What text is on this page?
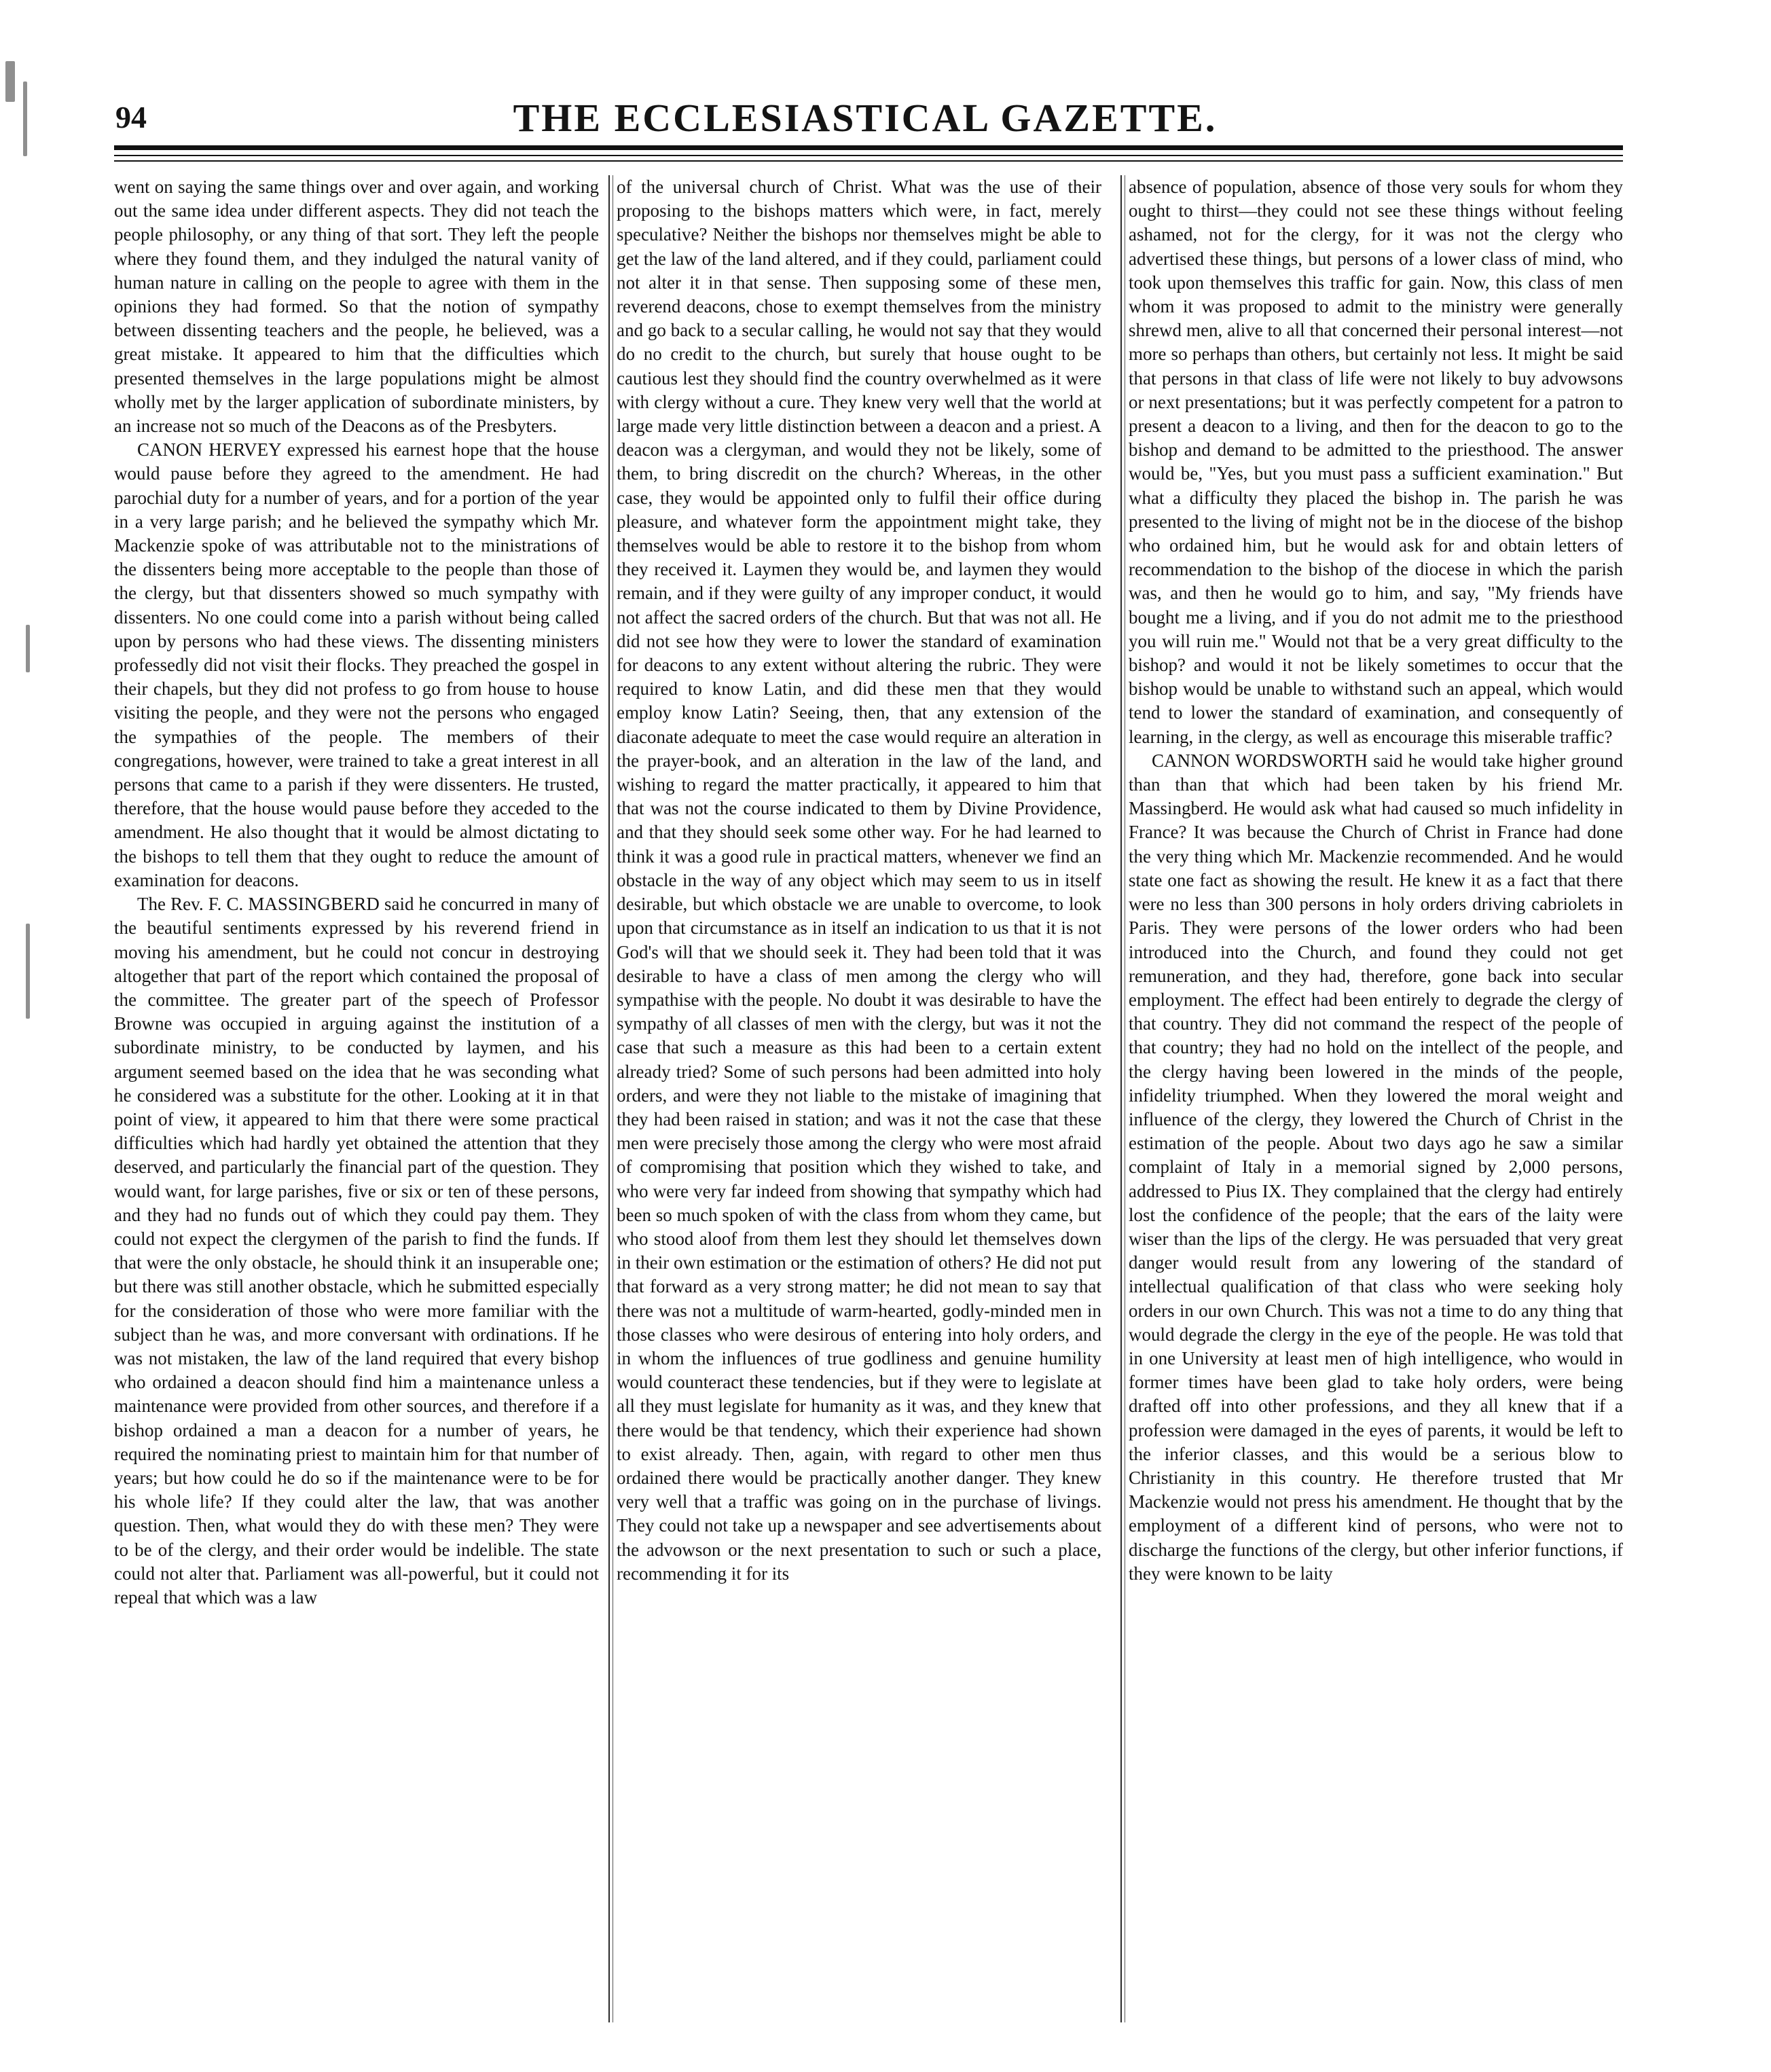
94	THE ECCLESIASTICAL GAZETTE.

went on saying the same things over and over again, and working out the same idea under different aspects. They did not teach the people philosophy, or any thing of that sort. They left the people where they found them, and they indulged the natural vanity of human nature in calling on the people to agree with them in the opinions they had formed. So that the notion of sympathy between dissenting teachers and the people, he believed, was a great mistake. It appeared to him that the difficulties which presented themselves in the large populations might be almost wholly met by the larger application of subordinate ministers, by an increase not so much of the Deacons as of the Presbyters.

CANON HERVEY expressed his earnest hope that the house would pause before they agreed to the amendment. He had parochial duty for a number of years, and for a portion of the year in a very large parish; and he believed the sympathy which Mr. Mackenzie spoke of was attributable not to the ministrations of the dissenters being more acceptable to the people than those of the clergy, but that dissenters showed so much sympathy with dissenters. No one could come into a parish without being called upon by persons who had these views. The dissenting ministers professedly did not visit their flocks. They preached the gospel in their chapels, but they did not profess to go from house to house visiting the people, and they were not the persons who engaged the sympathies of the people. The members of their congregations, however, were trained to take a great interest in all persons that came to a parish if they were dissenters. He trusted, therefore, that the house would pause before they acceded to the amendment. He also thought that it would be almost dictating to the bishops to tell them that they ought to reduce the amount of examination for deacons.

The Rev. F. C. MASSINGBERD said he concurred in many of the beautiful sentiments expressed by his reverend friend in moving his amendment, but he could not concur in destroying altogether that part of the report which contained the proposal of the committee. The greater part of the speech of Professor Browne was occupied in arguing against the institution of a subordinate ministry, to be conducted by laymen, and his argument seemed based on the idea that he was seconding what he considered was a substitute for the other. Looking at it in that point of view, it appeared to him that there were some practical difficulties which had hardly yet obtained the attention that they deserved, and particularly the financial part of the question. They would want, for large parishes, five or six or ten of these persons, and they had no funds out of which they could pay them. They could not expect the clergymen of the parish to find the funds. If that were the only obstacle, he should think it an insuperable one; but there was still another obstacle, which he submitted especially for the consideration of those who were more familiar with the subject than he was, and more conversant with ordinations. If he was not mistaken, the law of the land required that every bishop who ordained a deacon should find him a maintenance unless a maintenance were provided from other sources, and therefore if a bishop ordained a man a deacon for a number of years, he required the nominating priest to maintain him for that number of years; but how could he do so if the maintenance were to be for his whole life? If they could alter the law, that was another question. Then, what would they do with these men? They were to be of the clergy, and their order would be indelible. The state could not alter that. Parliament was all-powerful, but it could not repeal that which was a law

of the universal church of Christ. What was the use of their proposing to the bishops matters which were, in fact, merely speculative? Neither the bishops nor themselves might be able to get the law of the land altered, and if they could, parliament could not alter it in that sense. Then supposing some of these men, reverend deacons, chose to exempt themselves from the ministry and go back to a secular calling, he would not say that they would do no credit to the church, but surely that house ought to be cautious lest they should find the country overwhelmed as it were with clergy without a cure. They knew very well that the world at large made very little distinction between a deacon and a priest. A deacon was a clergyman, and would they not be likely, some of them, to bring discredit on the church? Whereas, in the other case, they would be appointed only to fulfil their office during pleasure, and whatever form the appointment might take, they themselves would be able to restore it to the bishop from whom they received it. Laymen they would be, and laymen they would remain, and if they were guilty of any improper conduct, it would not affect the sacred orders of the church. But that was not all. He did not see how they were to lower the standard of examination for deacons to any extent without altering the rubric. They were required to know Latin, and did these men that they would employ know Latin? Seeing, then, that any extension of the diaconate adequate to meet the case would require an alteration in the prayer-book, and an alteration in the law of the land, and wishing to regard the matter practically, it appeared to him that that was not the course indicated to them by Divine Providence, and that they should seek some other way. For he had learned to think it was a good rule in practical matters, whenever we find an obstacle in the way of any object which may seem to us in itself desirable, but which obstacle we are unable to overcome, to look upon that circumstance as in itself an indication to us that it is not God's will that we should seek it. They had been told that it was desirable to have a class of men among the clergy who will sympathise with the people. No doubt it was desirable to have the sympathy of all classes of men with the clergy, but was it not the case that such a measure as this had been to a certain extent already tried? Some of such persons had been admitted into holy orders, and were they not liable to the mistake of imagining that they had been raised in station; and was it not the case that these men were precisely those among the clergy who were most afraid of compromising that position which they wished to take, and who were very far indeed from showing that sympathy which had been so much spoken of with the class from whom they came, but who stood aloof from them lest they should let themselves down in their own estimation or the estimation of others? He did not put that forward as a very strong matter; he did not mean to say that there was not a multitude of warm-hearted, godly-minded men in those classes who were desirous of entering into holy orders, and in whom the influences of true godliness and genuine humility would counteract these tendencies, but if they were to legislate at all they must legislate for humanity as it was, and they knew that there would be that tendency, which their experience had shown to exist already. Then, again, with regard to other men thus ordained there would be practically another danger. They knew very well that a traffic was going on in the purchase of livings. They could not take up a newspaper and see advertisements about the advowson or the next presentation to such or such a place, recommending it for its

absence of population, absence of those very souls for whom they ought to thirst—they could not see these things without feeling ashamed, not for the clergy, for it was not the clergy who advertised these things, but persons of a lower class of mind, who took upon themselves this traffic for gain. Now, this class of men whom it was proposed to admit to the ministry were generally shrewd men, alive to all that concerned their personal interest—not more so perhaps than others, but certainly not less. It might be said that persons in that class of life were not likely to buy advowsons or next presentations; but it was perfectly competent for a patron to present a deacon to a living, and then for the deacon to go to the bishop and demand to be admitted to the priesthood. The answer would be, "Yes, but you must pass a sufficient examination." But what a difficulty they placed the bishop in. The parish he was presented to the living of might not be in the diocese of the bishop who ordained him, but he would ask for and obtain letters of recommendation to the bishop of the diocese in which the parish was, and then he would go to him, and say, "My friends have bought me a living, and if you do not admit me to the priesthood you will ruin me." Would not that be a very great difficulty to the bishop? and would it not be likely sometimes to occur that the bishop would be unable to withstand such an appeal, which would tend to lower the standard of examination, and consequently of learning, in the clergy, as well as encourage this miserable traffic?

CANNON WORDSWORTH said he would take higher ground than than that which had been taken by his friend Mr. Massingberd. He would ask what had caused so much infidelity in France? It was because the Church of Christ in France had done the very thing which Mr. Mackenzie recommended. And he would state one fact as showing the result. He knew it as a fact that there were no less than 300 persons in holy orders driving cabriolets in Paris. They were persons of the lower orders who had been introduced into the Church, and found they could not get remuneration, and they had, therefore, gone back into secular employment. The effect had been entirely to degrade the clergy of that country. They did not command the respect of the people of that country; they had no hold on the intellect of the people, and the clergy having been lowered in the minds of the people, infidelity triumphed. When they lowered the moral weight and influence of the clergy, they lowered the Church of Christ in the estimation of the people. About two days ago he saw a similar complaint of Italy in a memorial signed by 2,000 persons, addressed to Pius IX. They complained that the clergy had entirely lost the confidence of the people; that the ears of the laity were wiser than the lips of the clergy. He was persuaded that very great danger would result from any lowering of the standard of intellectual qualification of that class who were seeking holy orders in our own Church. This was not a time to do any thing that would degrade the clergy in the eye of the people. He was told that in one University at least men of high intelligence, who would in former times have been glad to take holy orders, were being drafted off into other professions, and they all knew that if a profession were damaged in the eyes of parents, it would be left to the inferior classes, and this would be a serious blow to Christianity in this country. He therefore trusted that Mr Mackenzie would not press his amendment. He thought that by the employment of a different kind of persons, who were not to discharge the functions of the clergy, but other inferior functions, if they were known to be laity
